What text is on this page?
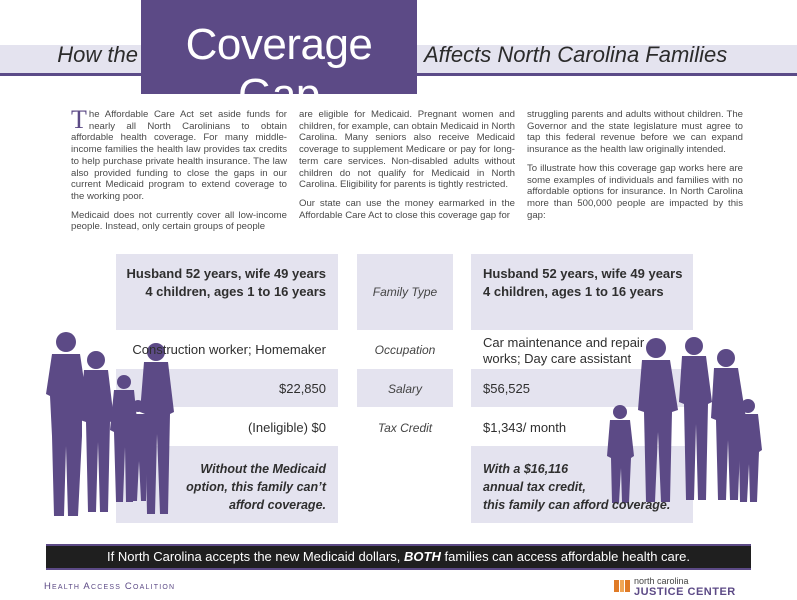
How the	Coverage Gap
Affects North Carolina Families

The Affordable Care Act set aside funds for nearly all North Carolinians to obtain affordable health coverage. For many middle-income families the health law provides tax credits to help purchase private health insurance. The law also provided funding to close the gaps in our current Medicaid program to extend coverage to the working poor.

Medicaid does not currently cover all low-income people. Instead, only certain groups of people

are eligible for Medicaid. Pregnant women and children, for example, can obtain Medicaid in North Carolina. Many seniors also receive Medicaid coverage to supplement Medicare or pay for long-term care services. Non-disabled adults without children do not qualify for Medicaid in North Carolina. Eligibility for parents is tightly restricted.

Our state can use the money earmarked in the Affordable Care Act to close this coverage gap for

struggling parents and adults without children. The Governor and the state legislature must agree to tap this federal revenue before we can expand insurance as the health law originally intended.

To illustrate how this coverage gap works here are some examples of individuals and families with no affordable options for insurance. In North Carolina more than 500,000 people are impacted by this gap:

Husband 52 years, wife 49 years
4 children, ages 1 to 16 years
Construction worker; Homemaker
$22,850
(Ineligible) $0
Without the Medicaid
option, this family can’t
afford coverage.
Family Type
Occupation
Salary
Tax Credit
Husband 52 years, wife 49 years
4 children, ages 1 to 16 years
Car maintenance and repair
works; Day care assistant
$56,525
$1,343/ month
With a $16,116
annual tax credit,
this family can afford coverage.
If North Carolina accepts the new Medicaid dollars, BOTH families can access affordable health care.
Health Access Coalition	north carolina
JUSTICE CENTER
